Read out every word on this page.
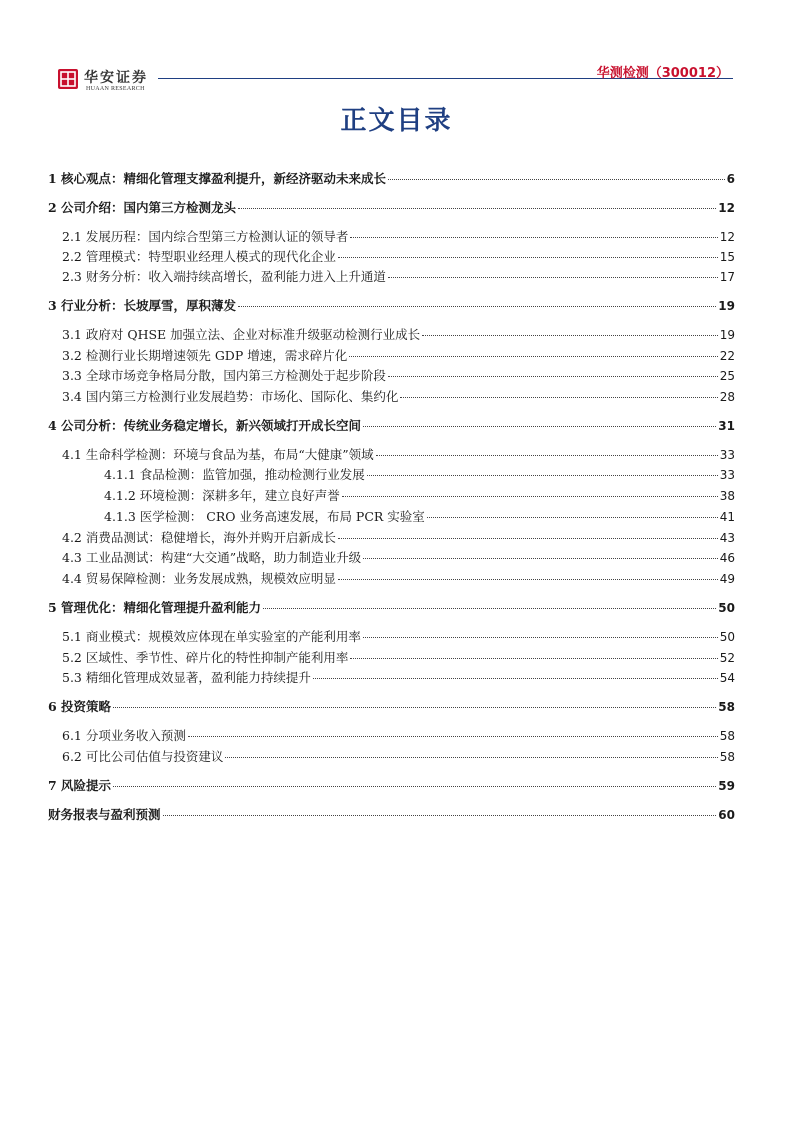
华安证券
HUAAN RESEARCH
华测检测（300012）
正文目录
1 核心观点：精细化管理支撑盈利提升，新经济驱动未来成长	6
2 公司介绍：国内第三方检测龙头	12
2.1 发展历程：国内综合型第三方检测认证的领导者	12
2.2 管理模式：特型职业经理人模式的现代化企业	15
2.3 财务分析：收入端持续高增长，盈利能力进入上升通道	17
3 行业分析：长坡厚雪，厚积薄发	19
3.1 政府对 QHSE 加强立法、企业对标准升级驱动检测行业成长	19
3.2 检测行业长期增速领先 GDP 增速，需求碎片化	22
3.3 全球市场竞争格局分散，国内第三方检测处于起步阶段	25
3.4 国内第三方检测行业发展趋势：市场化、国际化、集约化	28
4 公司分析：传统业务稳定增长，新兴领域打开成长空间	31
4.1 生命科学检测：环境与食品为基，布局“大健康”领域	33
4.1.1 食品检测：监管加强，推动检测行业发展	33
4.1.2 环境检测：深耕多年，建立良好声誉	38
4.1.3 医学检测： CRO 业务高速发展，布局 PCR 实验室	41
4.2 消费品测试：稳健增长，海外并购开启新成长	43
4.3 工业品测试：构建“大交通”战略，助力制造业升级	46
4.4 贸易保障检测：业务发展成熟，规模效应明显	49
5 管理优化：精细化管理提升盈利能力	50
5.1 商业模式：规模效应体现在单实验室的产能利用率	50
5.2 区域性、季节性、碎片化的特性抑制产能利用率	52
5.3 精细化管理成效显著，盈利能力持续提升	54
6 投资策略	58
6.1 分项业务收入预测	58
6.2 可比公司估值与投资建议	58
7 风险提示	59
财务报表与盈利预测	60
